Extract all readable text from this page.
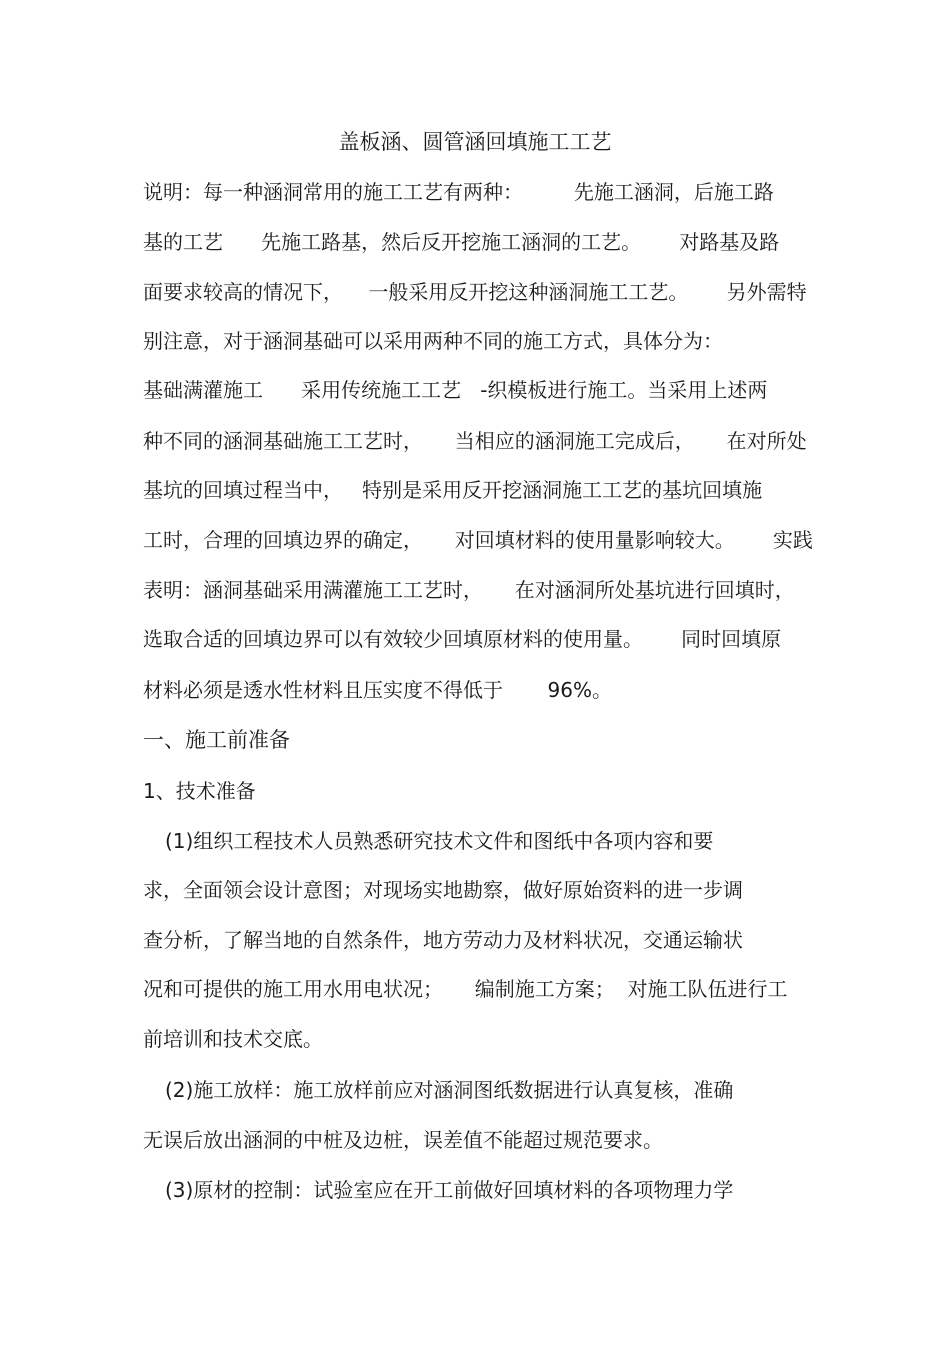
盖板涵、圆管涵回填施工工艺
说明：每一种涵洞常用的施工工艺有两种：        先施工涵洞，后施工路
基的工艺      先施工路基，然后反开挖施工涵洞的工艺。      对路基及路
面要求较高的情况下，    一般采用反开挖这种涵洞施工工艺。      另外需特
别注意，对于涵洞基础可以采用两种不同的施工方式，具体分为：
基础满灌施工      采用传统施工工艺   -织模板进行施工。当采用上述两
种不同的涵洞基础施工工艺时，     当相应的涵洞施工完成后，     在对所处
基坑的回填过程当中，   特别是采用反开挖涵洞施工工艺的基坑回填施
工时，合理的回填边界的确定，     对回填材料的使用量影响较大。      实践
表明：涵洞基础采用满灌施工工艺时，     在对涵洞所处基坑进行回填时，
选取合适的回填边界可以有效较少回填原材料的使用量。      同时回填原
材料必须是透水性材料且压实度不得低于       96%。
一、施工前准备
1、技术准备
(1)组织工程技术人员熟悉研究技术文件和图纸中各项内容和要
求，全面领会设计意图；对现场实地勘察，做好原始资料的进一步调
查分析，了解当地的自然条件，地方劳动力及材料状况，交通运输状
况和可提供的施工用水用电状况；     编制施工方案；  对施工队伍进行工
前培训和技术交底。
(2)施工放样：施工放样前应对涵洞图纸数据进行认真复核，准确
无误后放出涵洞的中桩及边桩，误差值不能超过规范要求。
(3)原材的控制：试验室应在开工前做好回填材料的各项物理力学
